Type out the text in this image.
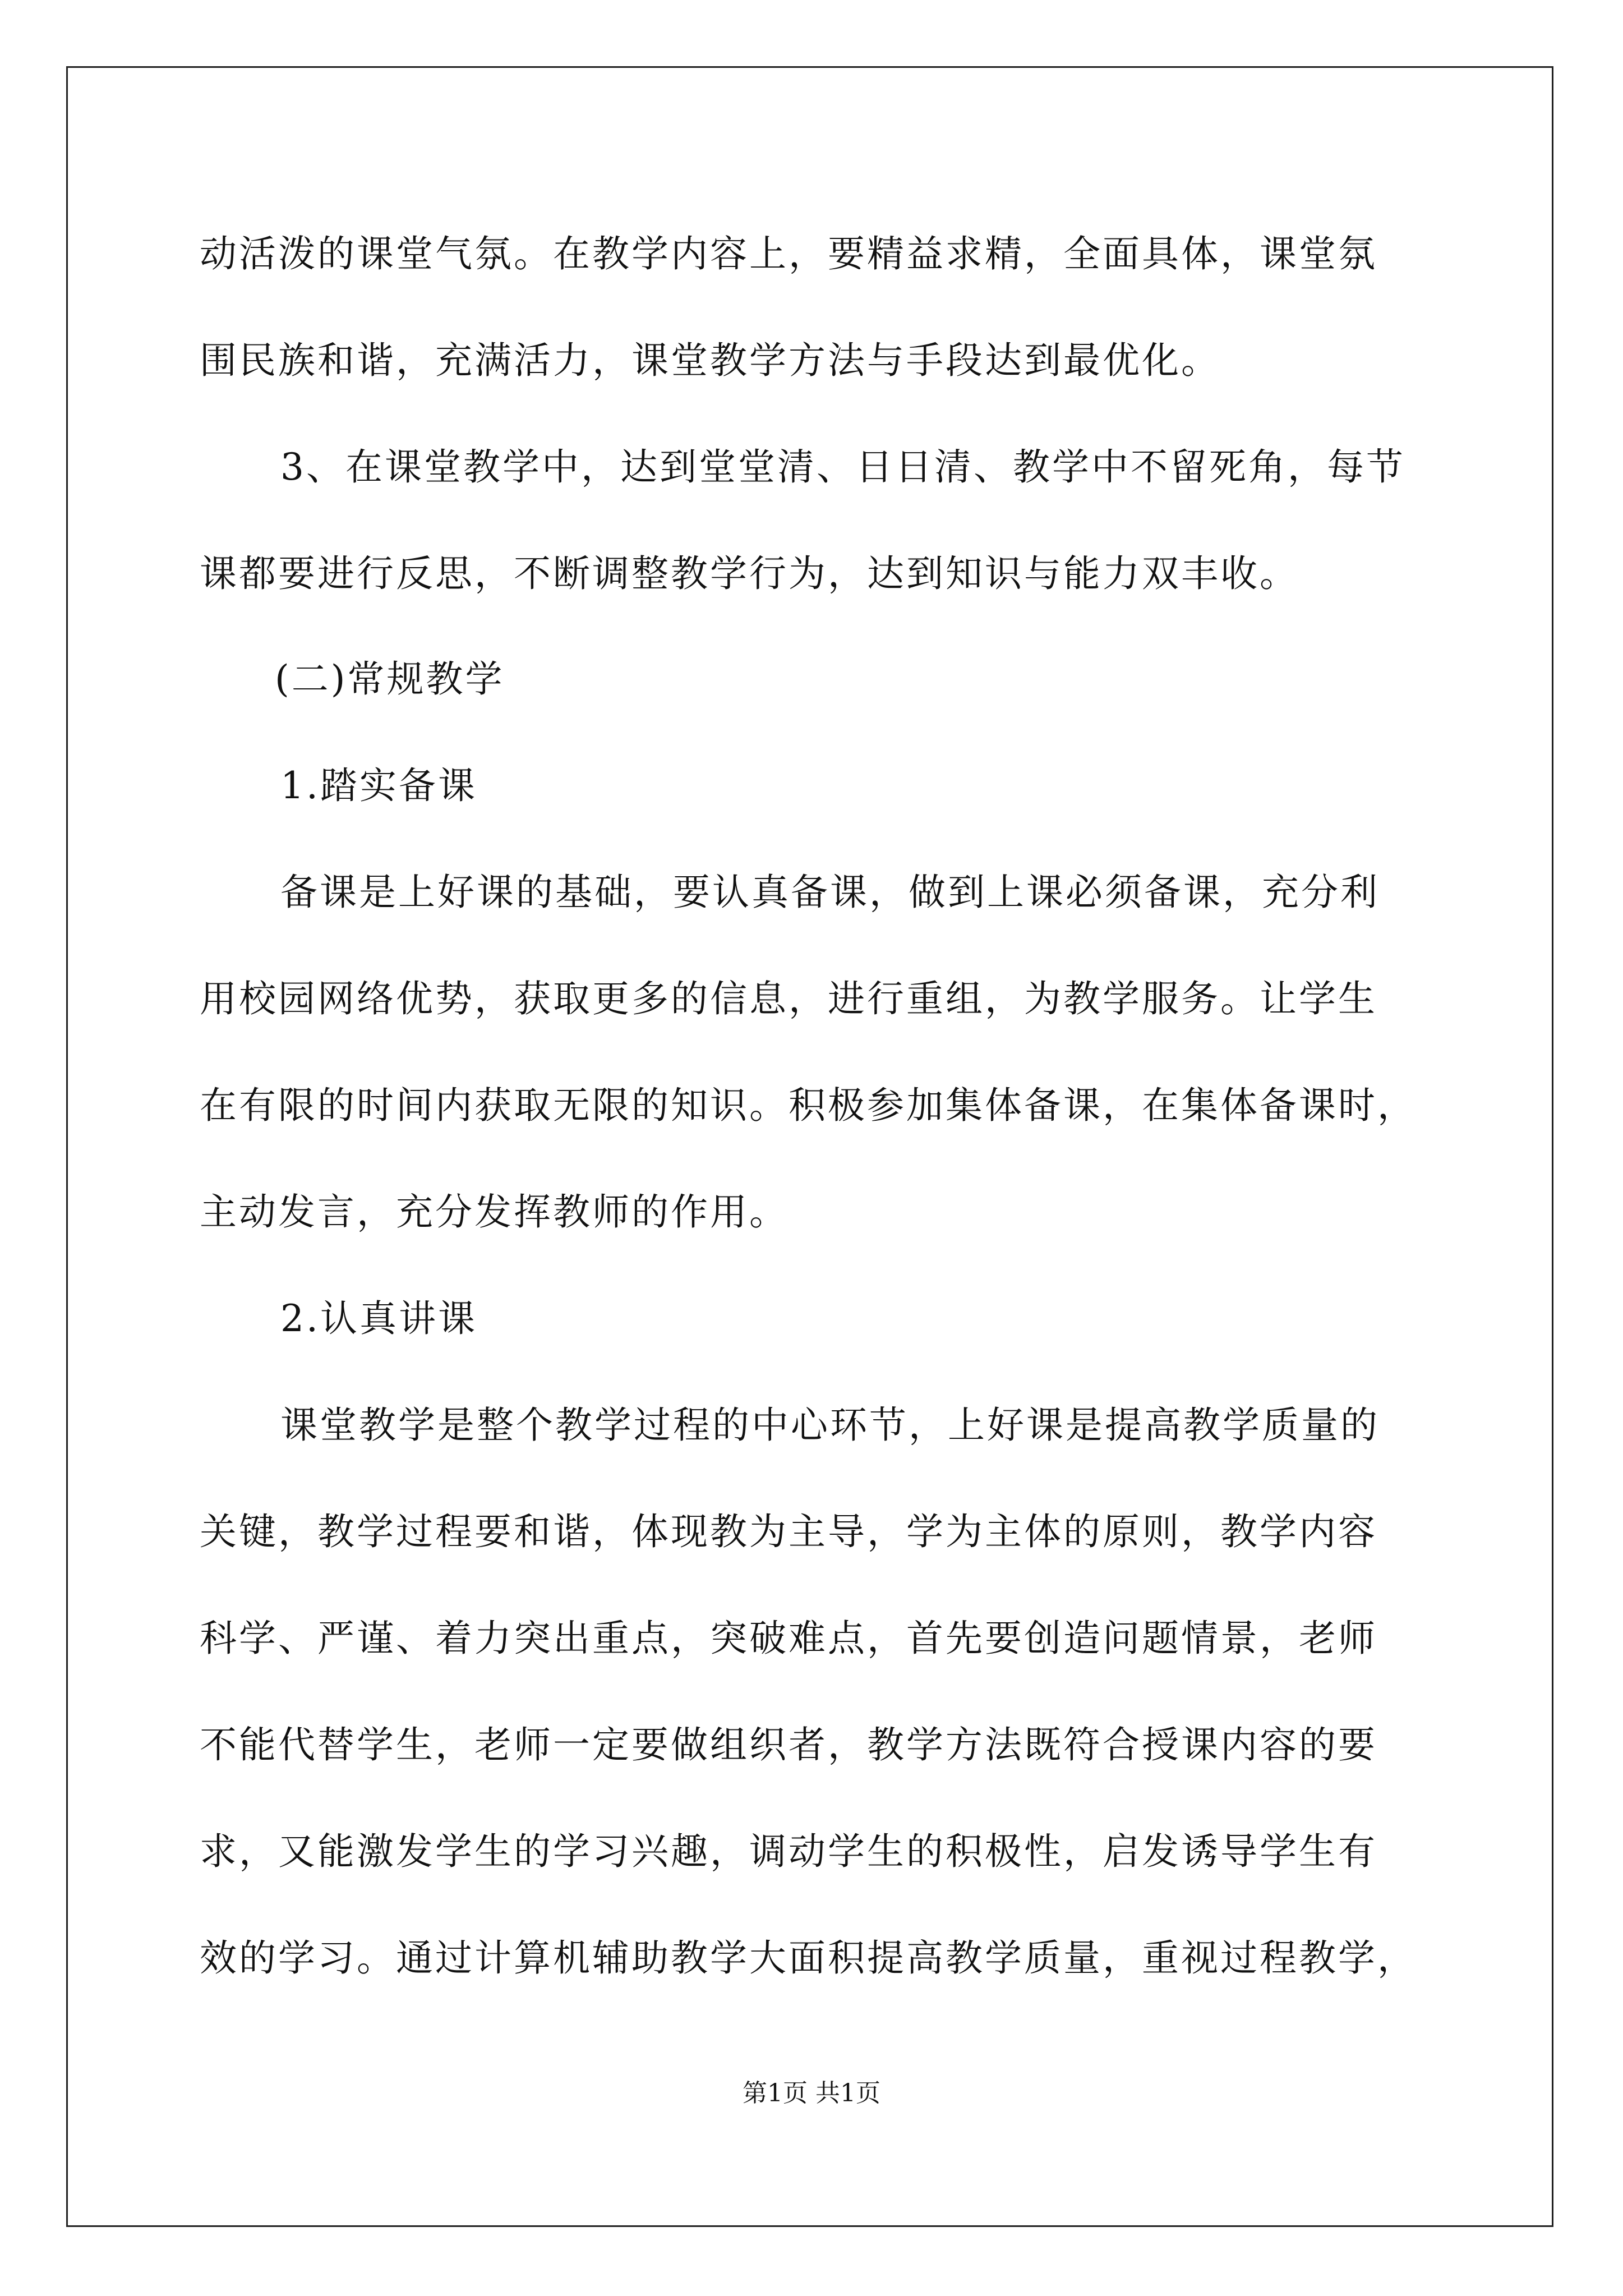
动活泼的课堂气氛。在教学内容上，要精益求精，全面具体，课堂氛
围民族和谐，充满活力，课堂教学方法与手段达到最优化。
3、在课堂教学中，达到堂堂清、日日清、教学中不留死角，每节
课都要进行反思，不断调整教学行为，达到知识与能力双丰收。
(二)常规教学
1.踏实备课
备课是上好课的基础，要认真备课，做到上课必须备课，充分利
用校园网络优势，获取更多的信息，进行重组，为教学服务。让学生
在有限的时间内获取无限的知识。积极参加集体备课，在集体备课时，
主动发言，充分发挥教师的作用。
2.认真讲课
课堂教学是整个教学过程的中心环节，上好课是提高教学质量的
关键，教学过程要和谐，体现教为主导，学为主体的原则，教学内容
科学、严谨、着力突出重点，突破难点，首先要创造问题情景，老师
不能代替学生，老师一定要做组织者，教学方法既符合授课内容的要
求，又能激发学生的学习兴趣，调动学生的积极性，启发诱导学生有
效的学习。通过计算机辅助教学大面积提高教学质量，重视过程教学，
第1页 共1页
